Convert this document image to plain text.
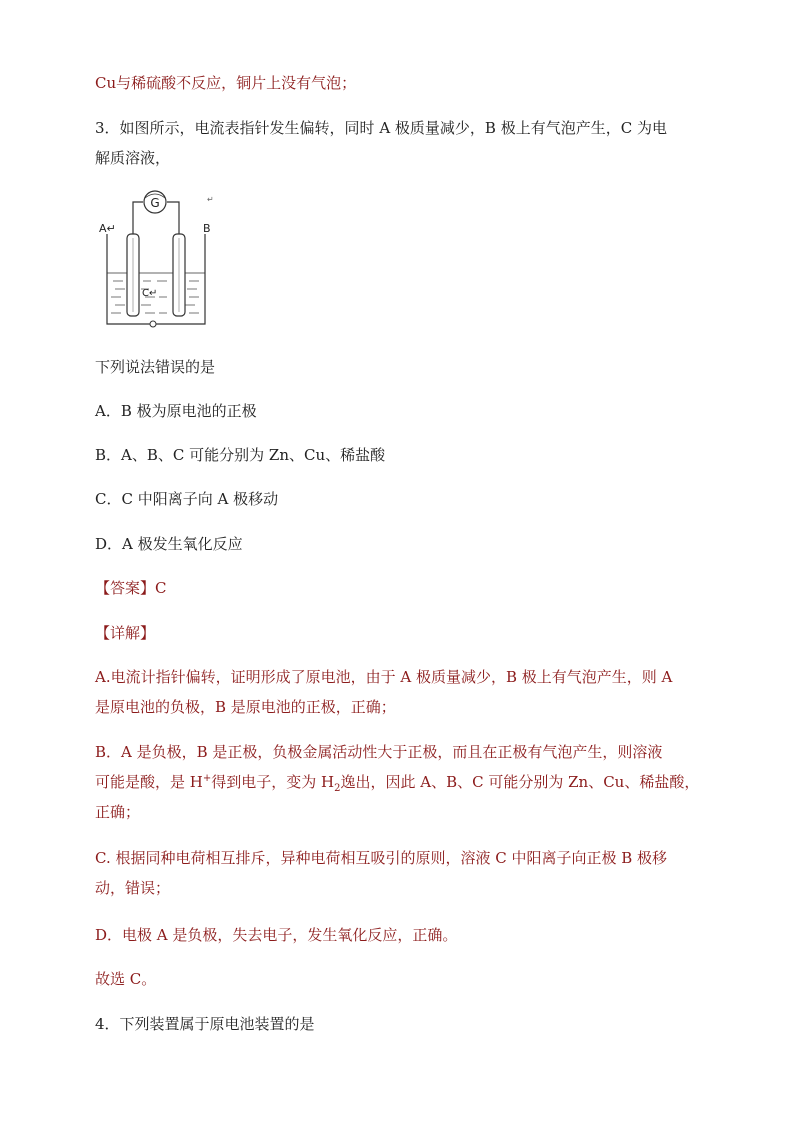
Cu与稀硫酸不反应，铜片上没有气泡；
3．如图所示，电流表指针发生偏转，同时 A 极质量减少，B 极上有气泡产生，C 为电
解质溶液，
G
A↵	B
C↵
↵
下列说法错误的是
A．B 极为原电池的正极
B．A、B、C 可能分别为 Zn、Cu、稀盐酸
C．C 中阳离子向 A 极移动
D．A 极发生氧化反应
【答案】C
【详解】
A.电流计指针偏转，证明形成了原电池，由于 A 极质量减少，B 极上有气泡产生，则 A
是原电池的负极，B 是原电池的正极，正确；
B．A 是负极，B 是正极，负极金属活动性大于正极，而且在正极有气泡产生，则溶液
可能是酸，是 H+得到电子，变为 $H_2$逸出，因此 A、B、C 可能分别为 Zn、Cu、稀盐酸，
正确；
C. 根据同种电荷相互排斥，异种电荷相互吸引的原则，溶液 C 中阳离子向正极 B 极移
动，错误；
D．电极 A 是负极，失去电子，发生氧化反应，正确。
故选 C。
4．下列装置属于原电池装置的是
